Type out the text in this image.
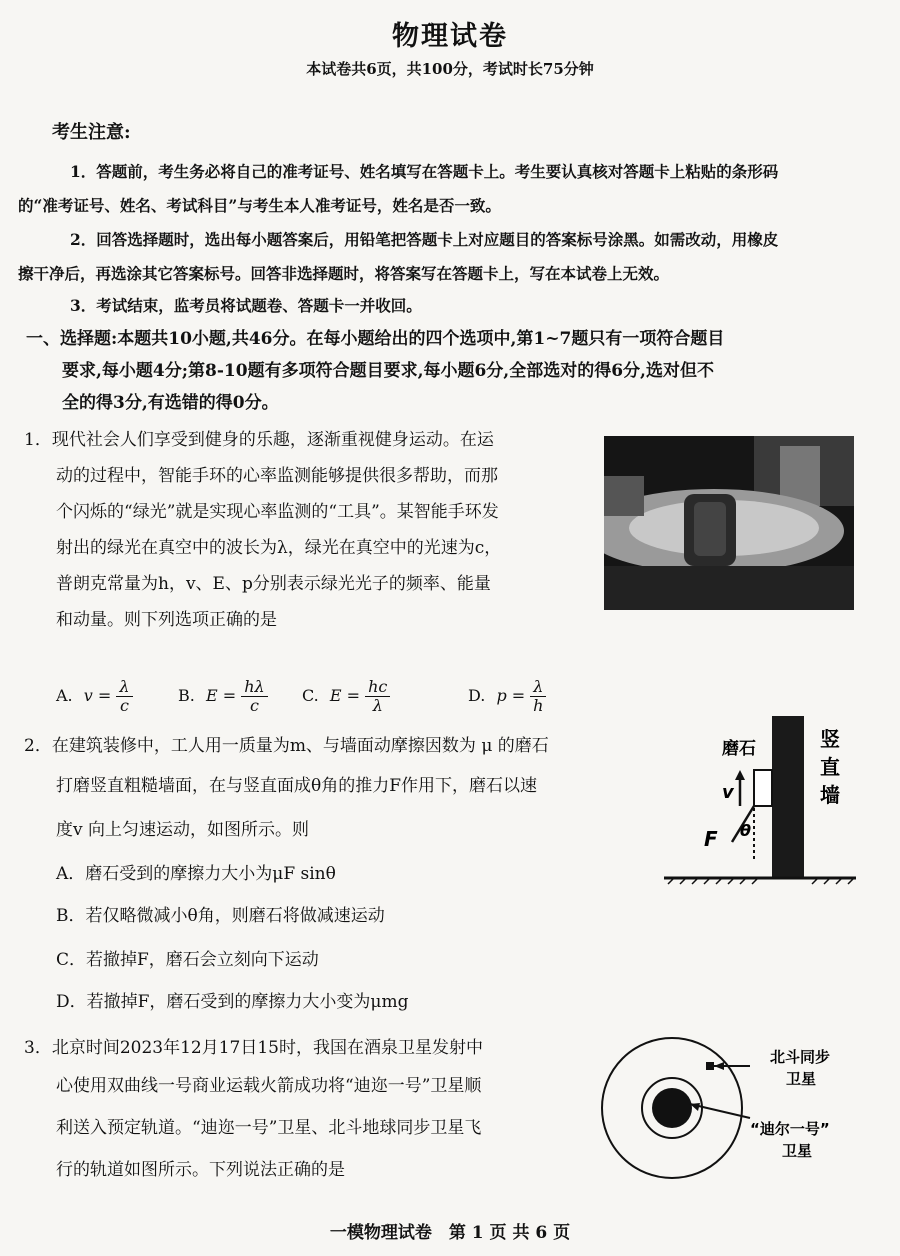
物理试卷
本试卷共6页，共100分，考试时长75分钟
考生注意:
1．答题前，考生务必将自己的准考证号、姓名填写在答题卡上。考生要认真核对答题卡上粘贴的条形码
的“准考证号、姓名、考试科目”与考生本人准考证号，姓名是否一致。
2．回答选择题时，选出每小题答案后，用铅笔把答题卡上对应题目的答案标号涂黑。如需改动，用橡皮
擦干净后，再选涂其它答案标号。回答非选择题时，将答案写在答题卡上，写在本试卷上无效。
3．考试结束，监考员将试题卷、答题卡一并收回。
一、选择题:本题共10小题,共46分。在每小题给出的四个选项中,第1~7题只有一项符合题目
要求,每小题4分;第8-10题有多项符合题目要求,每小题6分,全部选对的得6分,选对但不
全的得3分,有选错的得0分。
1．现代社会人们享受到健身的乐趣，逐渐重视健身运动。在运
动的过程中，智能手环的心率监测能够提供很多帮助，而那
个闪烁的“绿光”就是实现心率监测的“工具”。某智能手环发
射出的绿光在真空中的波长为λ，绿光在真空中的光速为c，
普朗克常量为h，v、E、p分别表示绿光光子的频率、能量
和动量。则下列选项正确的是
A. $v = \frac{\lambda}{c}$	B. $E = \frac{h\lambda}{c} C$. $E = \frac{hc}{\lambda}$	D. $p = \frac{\lambda}{h}$
2．在建筑装修中，工人用一质量为m、与墙面动摩擦因数为 μ 的磨石
打磨竖直粗糙墙面，在与竖直面成θ角的推力F作用下，磨石以速
度v 向上匀速运动，如图所示。则
A．磨石受到的摩擦力大小为μF sinθ
B．若仅略微减小θ角，则磨石将做减速运动
C．若撤掉F，磨石会立刻向下运动
D．若撤掉F，磨石受到的摩擦力大小变为μmg
磨石	竖
直
墙
v
F θ
3．北京时间2023年12月17日15时，我国在酒泉卫星发射中
心使用双曲线一号商业运载火箭成功将“迪迩一号”卫星顺
利送入预定轨道。“迪迩一号”卫星、北斗地球同步卫星飞
行的轨道如图所示。下列说法正确的是
北斗同步
卫星
“迪尔一号”
卫星
一模物理试卷　第 1 页 共 6 页
